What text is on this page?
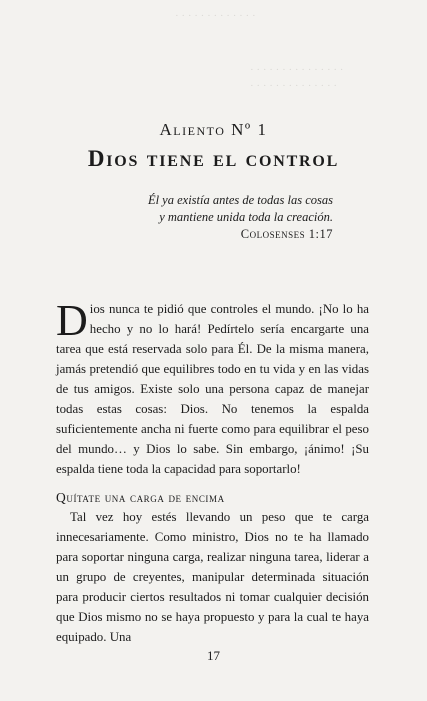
· · · · · · · · · · · · ·
· · · · · · · · · · · · · · ·
· · · · · · · · · · · · · ·
Aliento Nº 1
Dios tiene el control
Él ya existía antes de todas las cosas
y mantiene unida toda la creación.
Colosenses 1:17
D ios nunca te pidió que controles el mundo. ¡No lo ha hecho y no lo hará! Pedírtelo sería encargarte una tarea que está reservada solo para Él. De la misma manera, jamás pretendió que equilibres todo en tu vida y en las vidas de tus amigos. Existe solo una persona capaz de manejar todas estas cosas: Dios. No tenemos la espalda suficientemente ancha ni fuerte como para equilibrar el peso del mundo… y Dios lo sabe. Sin embargo, ¡ánimo! ¡Su espalda tiene toda la capacidad para soportarlo!

Quítate una carga de encima

Tal vez hoy estés llevando un peso que te carga innecesariamente. Como ministro, Dios no te ha llamado para soportar ninguna carga, realizar ninguna tarea, liderar a un grupo de creyentes, manipular determinada situación para producir ciertos resultados ni tomar cualquier decisión que Dios mismo no se haya propuesto y para la cual te haya equipado. Una

17
